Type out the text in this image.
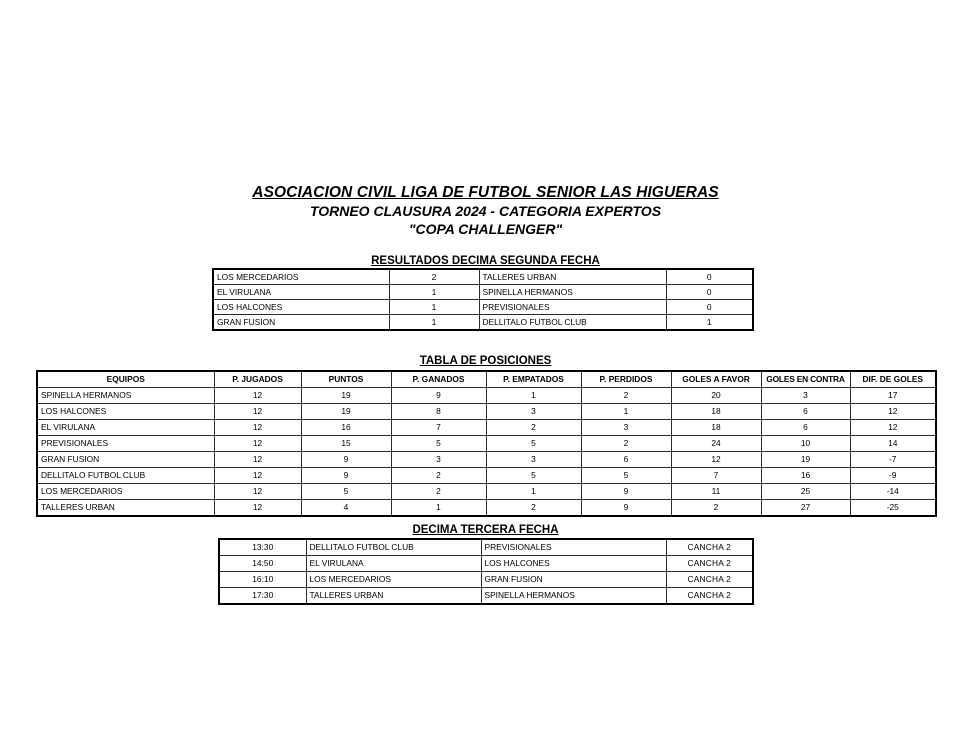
ASOCIACION CIVIL LIGA DE FUTBOL SENIOR LAS HIGUERAS
TORNEO CLAUSURA 2024 - CATEGORIA EXPERTOS
"COPA CHALLENGER"
RESULTADOS DECIMA SEGUNDA FECHA
LOS MERCEDARIOS	2	TALLERES URBAN	0
EL VIRULANA	1	SPINELLA HERMANOS	0
LOS HALCONES	1	PREVISIONALES	0
GRAN FUSION	1	DELLITALO FUTBOL CLUB	1
TABLA DE POSICIONES
EQUIPOS	P. JUGADOS	PUNTOS	P. GANADOS	P. EMPATADOS	P. PERDIDOS	GOLES A FAVOR	GOLES EN CONTRA	DIF. DE GOLES
SPINELLA HERMANOS	12	19	9	1	2	20	3	17
LOS HALCONES	12	19	8	3	1	18	6	12
EL VIRULANA	12	16	7	2	3	18	6	12
PREVISIONALES	12	15	5	5	2	24	10	14
GRAN FUSION	12	9	3	3	6	12	19	-7
DELLITALO FUTBOL CLUB	12	9	2	5	5	7	16	-9
LOS MERCEDARIOS	12	5	2	1	9	11	25	-14
TALLERES URBAN	12	4	1	2	9	2	27	-25
DECIMA TERCERA FECHA
13:30	DELLITALO FUTBOL CLUB	PREVISIONALES	CANCHA 2
14:50	EL VIRULANA	LOS HALCONES	CANCHA 2
16:10	LOS MERCEDARIOS	GRAN FUSION	CANCHA 2
17:30	TALLERES URBAN	SPINELLA HERMANOS	CANCHA 2
